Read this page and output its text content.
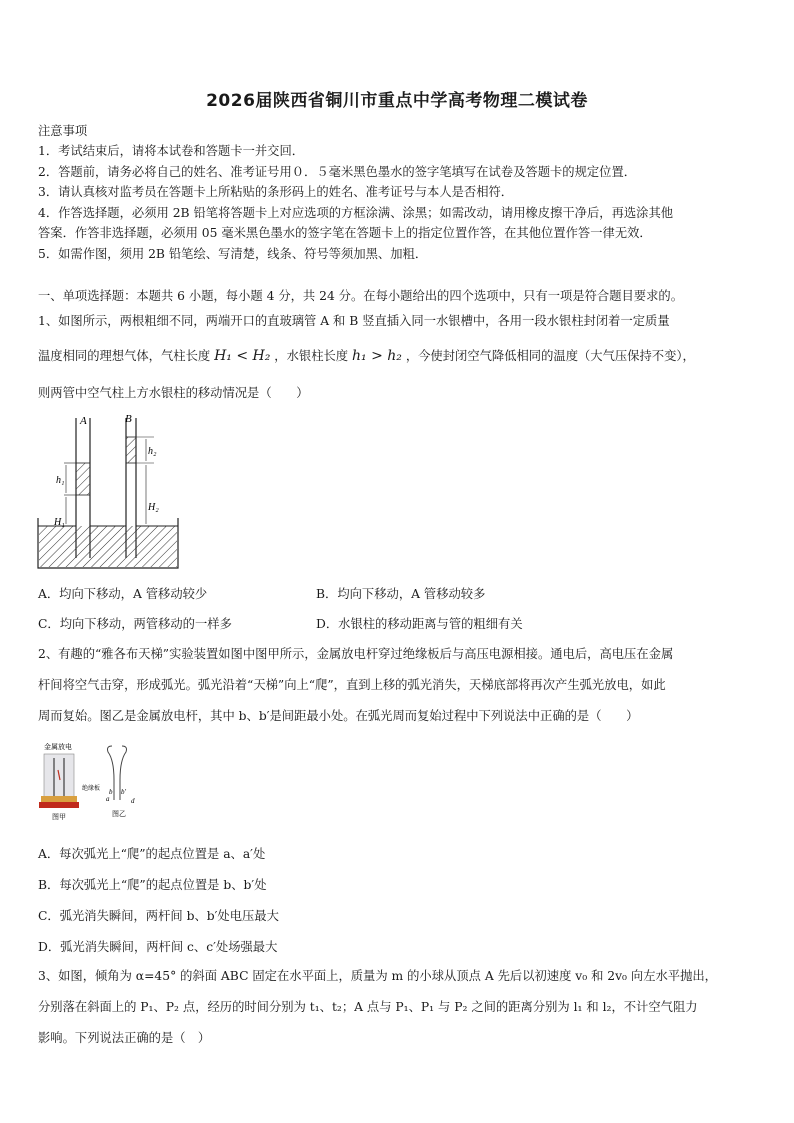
2026届陕西省铜川市重点中学高考物理二模试卷
注意事项
1．考试结束后，请将本试卷和答题卡一并交回．
2．答题前，请务必将自己的姓名、准考证号用０．５毫米黑色墨水的签字笔填写在试卷及答题卡的规定位置．
3．请认真核对监考员在答题卡上所粘贴的条形码上的姓名、准考证号与本人是否相符．
4．作答选择题，必须用 2B 铅笔将答题卡上对应选项的方框涂满、涂黑；如需改动，请用橡皮擦干净后，再选涂其他
答案．作答非选择题，必须用 05 毫米黑色墨水的签字笔在答题卡上的指定位置作答，在其他位置作答一律无效．
5．如需作图，须用 2B 铅笔绘、写清楚，线条、符号等须加黑、加粗．
一、单项选择题：本题共 6 小题，每小题 4 分，共 24 分。在每小题给出的四个选项中，只有一项是符合题目要求的。
1、如图所示，两根粗细不同，两端开口的直玻璃管 A 和 B 竖直插入同一水银槽中，各用一段水银柱封闭着一定质量
温度相同的理想气体，气柱长度 H₁ < H₂ ，水银柱长度 h₁ > h₂ ，今使封闭空气降低相同的温度（大气压保持不变），
则两管中空气柱上方水银柱的移动情况是（　　）
A	B
h₁
H₁
h₂
H₂
A．均向下移动，A 管移动较少	B．均向下移动，A 管移动较多
C．均向下移动，两管移动的一样多	D．水银柱的移动距离与管的粗细有关
2、有趣的“雅各布天梯”实验装置如图中图甲所示，金属放电杆穿过绝缘板后与高压电源相接。通电后，高电压在金属
杆间将空气击穿，形成弧光。弧光沿着“天梯”向上“爬”，直到上移的弧光消失，天梯底部将再次产生弧光放电，如此
周而复始。图乙是金属放电杆，其中 b、b′是间距最小处。在弧光周而复始过程中下列说法中正确的是（　　）
金属放电
绝缘板
图甲
a
b b′
d
图乙
A．每次弧光上“爬”的起点位置是 a、a′处
B．每次弧光上“爬”的起点位置是 b、b′处
C．弧光消失瞬间，两杆间 b、b′处电压最大
D．弧光消失瞬间，两杆间 c、c′处场强最大
3、如图，倾角为 α=45° 的斜面 ABC 固定在水平面上，质量为 m 的小球从顶点 A 先后以初速度 v₀ 和 2v₀ 向左水平抛出，
分别落在斜面上的 P₁、P₂ 点，经历的时间分别为 t₁、t₂；A 点与 P₁、P₁ 与 P₂ 之间的距离分别为 l₁ 和 l₂，不计空气阻力
影响。下列说法正确的是（　）
